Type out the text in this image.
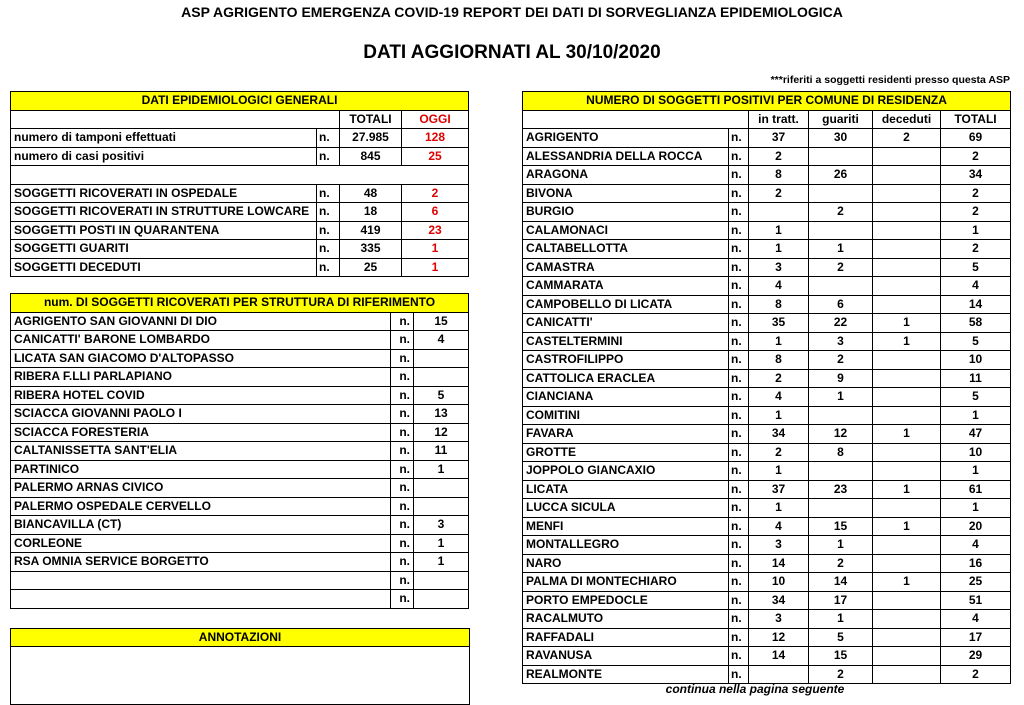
ASP AGRIGENTO EMERGENZA COVID-19 REPORT DEI DATI DI SORVEGLIANZA EPIDEMIOLOGICA
DATI AGGIORNATI AL 30/10/2020
***riferiti a soggetti residenti presso questa ASP
DATI EPIDEMIOLOGICI GENERALI			
		TOTALI	OGGI
numero di tamponi effettuati	n.	27.985	128
numero di casi positivi	n.	845	25

SOGGETTI RICOVERATI IN OSPEDALE	n.	48	2
SOGGETTI RICOVERATI IN STRUTTURE LOWCARE	n.	18	6
SOGGETTI POSTI IN QUARANTENA	n.	419	23
SOGGETTI GUARITI	n.	335	1
SOGGETTI DECEDUTI	n.	25	1
num. DI SOGGETTI RICOVERATI PER STRUTTURA DI RIFERIMENTO		
AGRIGENTO SAN GIOVANNI DI DIO	n.	15
CANICATTI' BARONE LOMBARDO	n.	4
LICATA SAN GIACOMO D'ALTOPASSO	n.	
RIBERA F.LLI PARLAPIANO	n.	
RIBERA HOTEL COVID	n.	5
SCIACCA GIOVANNI PAOLO I	n.	13
SCIACCA FORESTERIA	n.	12
CALTANISSETTA SANT'ELIA	n.	11
PARTINICO	n.	1
PALERMO ARNAS CIVICO	n.	
PALERMO OSPEDALE CERVELLO	n.	
BIANCAVILLA (CT)	n.	3
CORLEONE	n.	1
RSA OMNIA SERVICE BORGETTO	n.	1
	n.	
	n.	
ANNOTAZIONI
NUMERO DI SOGGETTI POSITIVI PER COMUNE DI RESIDENZA					
		in tratt.	guariti	deceduti	TOTALI
AGRIGENTO	n.	37	30	2	69
ALESSANDRIA DELLA ROCCA	n.	2			2
ARAGONA	n.	8	26		34
BIVONA	n.	2			2
BURGIO	n.		2		2
CALAMONACI	n.	1			1
CALTABELLOTTA	n.	1	1		2
CAMASTRA	n.	3	2		5
CAMMARATA	n.	4			4
CAMPOBELLO DI LICATA	n.	8	6		14
CANICATTI'	n.	35	22	1	58
CASTELTERMINI	n.	1	3	1	5
CASTROFILIPPO	n.	8	2		10
CATTOLICA ERACLEA	n.	2	9		11
CIANCIANA	n.	4	1		5
COMITINI	n.	1			1
FAVARA	n.	34	12	1	47
GROTTE	n.	2	8		10
JOPPOLO GIANCAXIO	n.	1			1
LICATA	n.	37	23	1	61
LUCCA SICULA	n.	1			1
MENFI	n.	4	15	1	20
MONTALLEGRO	n.	3	1		4
NARO	n.	14	2		16
PALMA DI MONTECHIARO	n.	10	14	1	25
PORTO EMPEDOCLE	n.	34	17		51
RACALMUTO	n.	3	1		4
RAFFADALI	n.	12	5		17
RAVANUSA	n.	14	15		29
REALMONTE	n.		2		2
continua nella pagina seguente
